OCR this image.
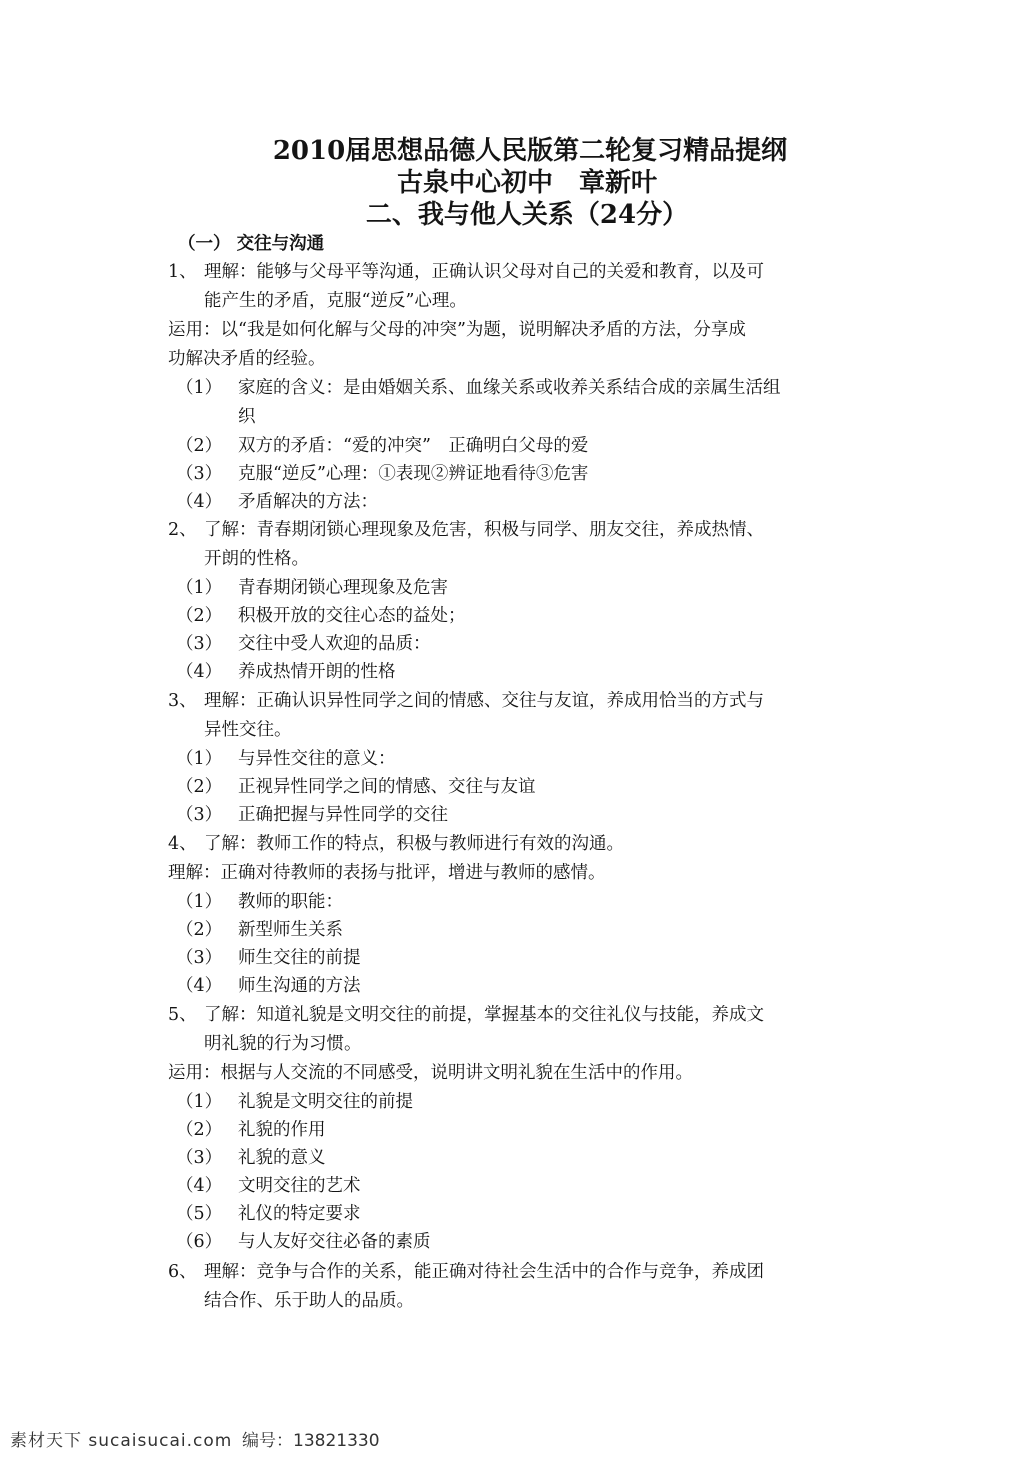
2010届思想品德人民版第二轮复习精品提纲
古泉中心初中　章新叶
二、我与他人关系（24分）
（一） 交往与沟通
1、 理解：能够与父母平等沟通，正确认识父母对自己的关爱和教育，以及可
能产生的矛盾，克服“逆反”心理。
运用：以“我是如何化解与父母的冲突”为题，说明解决矛盾的方法，分享成
功解决矛盾的经验。
（1） 家庭的含义：是由婚姻关系、血缘关系或收养关系结合成的亲属生活组
织
（2） 双方的矛盾：“爱的冲突”　正确明白父母的爱
（3） 克服“逆反”心理：①表现②辨证地看待③危害
（4） 矛盾解决的方法：
2、 了解：青春期闭锁心理现象及危害，积极与同学、朋友交往，养成热情、
开朗的性格。
（1） 青春期闭锁心理现象及危害
（2） 积极开放的交往心态的益处；
（3） 交往中受人欢迎的品质：
（4） 养成热情开朗的性格
3、 理解：正确认识异性同学之间的情感、交往与友谊，养成用恰当的方式与
异性交往。
（1） 与异性交往的意义：
（2） 正视异性同学之间的情感、交往与友谊
（3） 正确把握与异性同学的交往
4、 了解：教师工作的特点，积极与教师进行有效的沟通。
理解：正确对待教师的表扬与批评，增进与教师的感情。
（1） 教师的职能：
（2） 新型师生关系
（3） 师生交往的前提
（4） 师生沟通的方法
5、 了解：知道礼貌是文明交往的前提，掌握基本的交往礼仪与技能，养成文
明礼貌的行为习惯。
运用：根据与人交流的不同感受，说明讲文明礼貌在生活中的作用。
（1） 礼貌是文明交往的前提
（2） 礼貌的作用
（3） 礼貌的意义
（4） 文明交往的艺术
（5） 礼仪的特定要求
（6） 与人友好交往必备的素质
6、 理解：竞争与合作的关系，能正确对待社会生活中的合作与竞争，养成团
结合作、乐于助人的品质。
素材天下 sucaisucai.com 编号：13821330
